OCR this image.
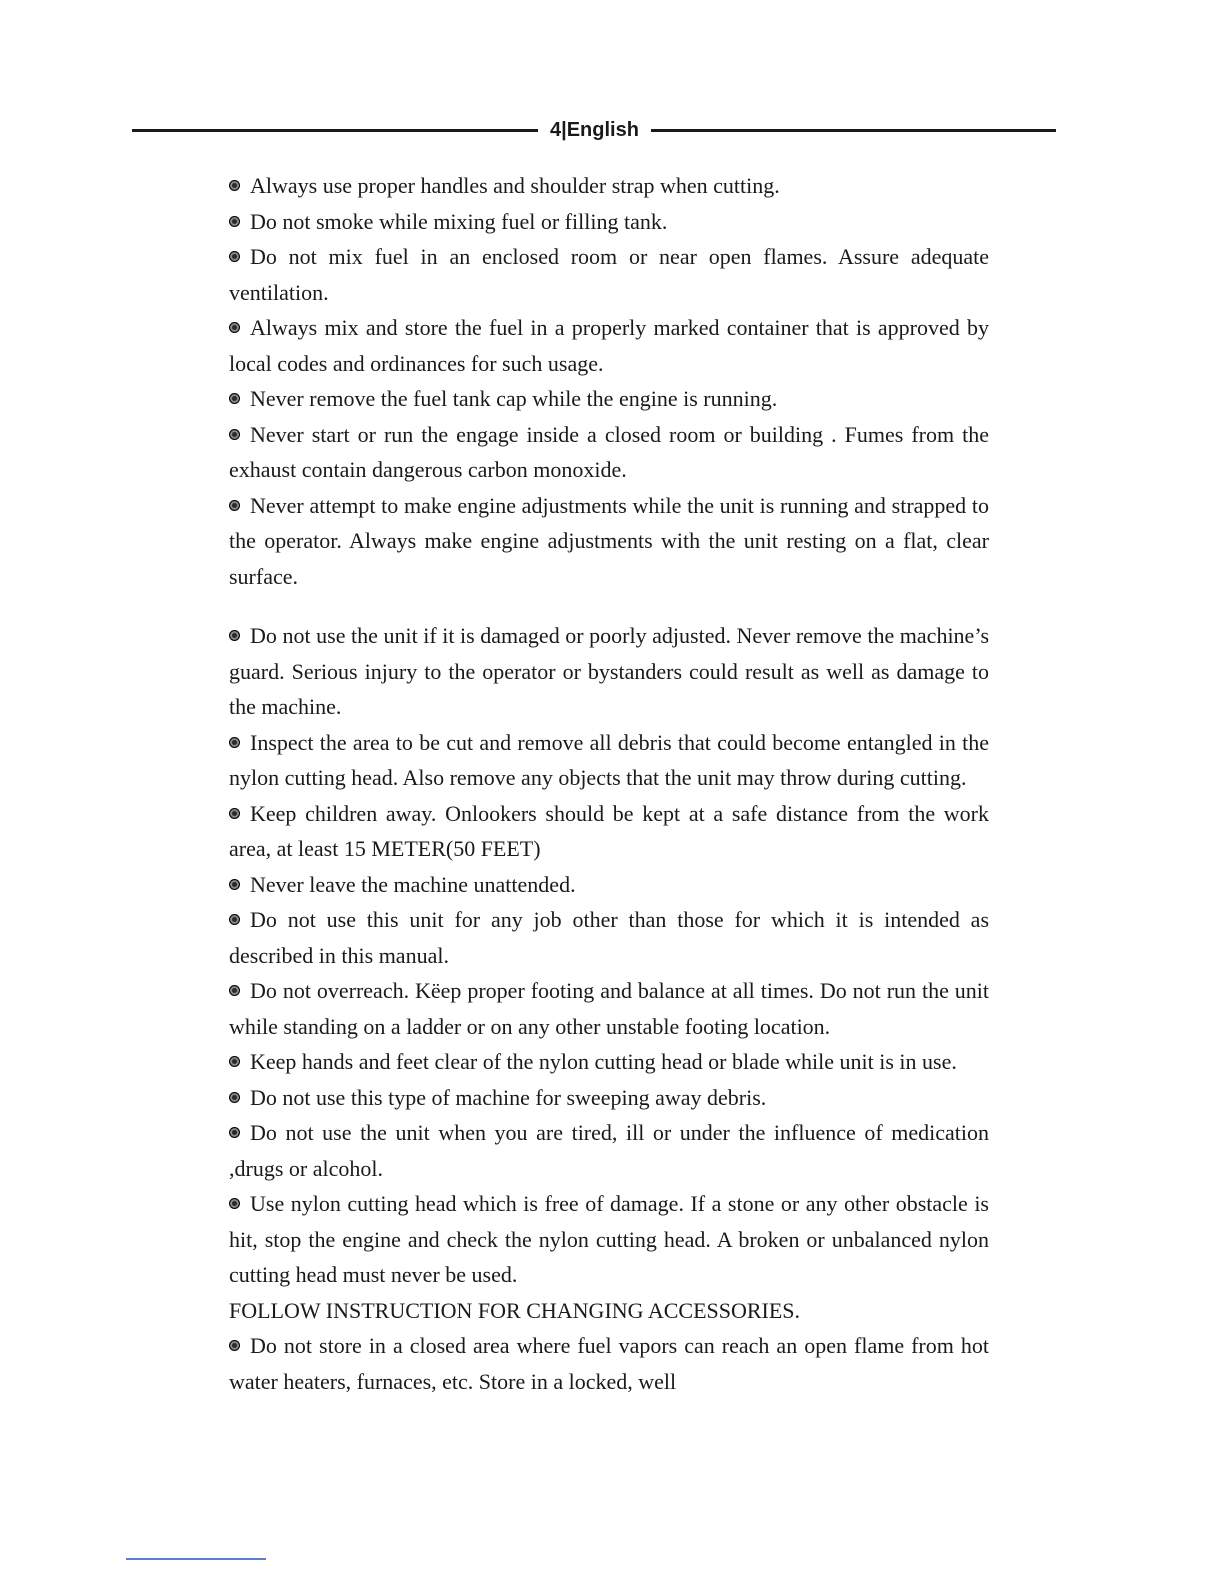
4|English

Always use proper handles and shoulder strap when cutting.

Do not smoke while mixing fuel or filling tank.

Do not mix fuel in an enclosed room or near open flames. Assure adequate ventilation.

Always mix and store the fuel in a properly marked container that is approved by local codes and ordinances for such usage.

Never remove the fuel tank cap while the engine is running.

Never start or run the engage inside a closed room or building . Fumes from the exhaust contain dangerous carbon monoxide.

Never attempt to make engine adjustments while the unit is running and strapped to the operator. Always make engine adjustments with the unit resting on a flat, clear surface.

Do not use the unit if it is damaged or poorly adjusted. Never remove the machine’s guard. Serious injury to the operator or bystanders could result as well as damage to the machine.

Inspect the area to be cut and remove all debris that could become entangled in the nylon cutting head. Also remove any objects that the unit may throw during cutting.

Keep children away. Onlookers should be kept at a safe distance from the work area, at least 15 METER(50 FEET)

Never leave the machine unattended.

Do not use this unit for any job other than those for which it is intended as described in this manual.

Do not overreach. Këep proper footing and balance at all times. Do not run the unit while standing on a ladder or on any other unstable footing location.

Keep hands and feet clear of the nylon cutting head or blade while unit is in use.

Do not use this type of machine for sweeping away debris.

Do not use the unit when you are tired, ill or under the influence of medication ,drugs or alcohol.

Use nylon cutting head which is free of damage. If a stone or any other obstacle is hit, stop the engine and check the nylon cutting head. A broken or unbalanced nylon cutting head must never be used.

FOLLOW INSTRUCTION FOR CHANGING ACCESSORIES.

Do not store in a closed area where fuel vapors can reach an open flame from hot water heaters, furnaces, etc. Store in a locked, well
